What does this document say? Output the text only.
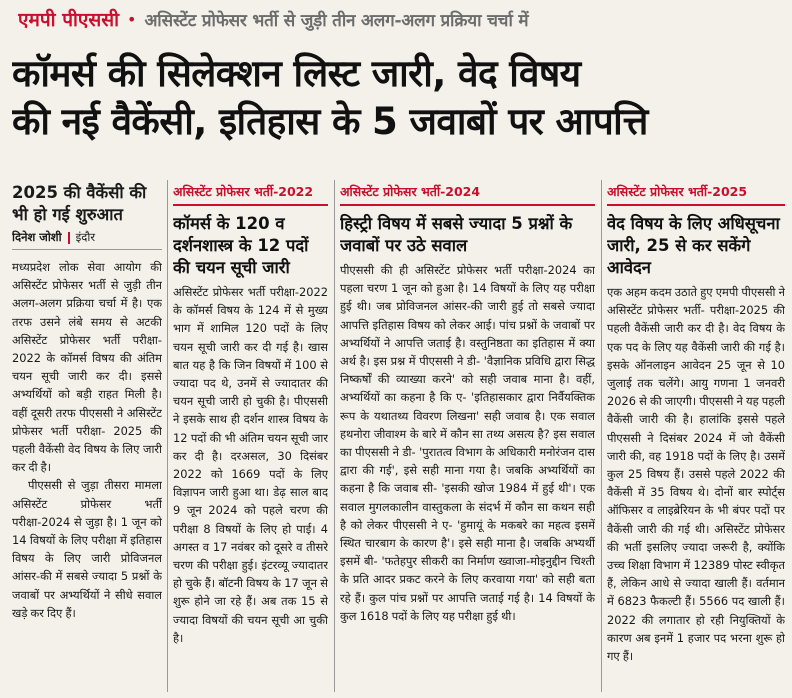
एमपी पीएससी • असिस्टेंट प्रोफेसर भर्ती से जुड़ी तीन अलग-अलग प्रक्रिया चर्चा में
कॉमर्स की सिलेक्शन लिस्ट जारी, वेद विषय
की नई वैकेंसी, इतिहास के 5 जवाबों पर आपत्ति
2025 की वैकेंसी की भी हो गई शुरुआत
दिनेश जोशी इंदौर

मध्यप्रदेश लोक सेवा आयोग की असिस्टेंट प्रोफेसर भर्ती से जुड़ी तीन अलग-अलग प्रक्रिया चर्चा में है। एक तरफ उसने लंबे समय से अटकी असिस्टेंट प्रोफेसर भर्ती परीक्षा- 2022 के कॉमर्स विषय की अंतिम चयन सूची जारी कर दी। इससे अभ्यर्थियों को बड़ी राहत मिली है। वहीं दूसरी तरफ पीएससी ने असिस्टेंट प्रोफेसर भर्ती परीक्षा- 2025 की पहली वैकेंसी वेद विषय के लिए जारी कर दी है।

पीएससी से जुड़ा तीसरा मामला असिस्टेंट प्रोफेसर भर्ती परीक्षा-2024 से जुड़ा है। 1 जून को 14 विषयों के लिए परीक्षा में इतिहास विषय के लिए जारी प्रोविजनल आंसर-की में सबसे ज्यादा 5 प्रश्नों के जवाबों पर अभ्यर्थियों ने सीधे सवाल खड़े कर दिए हैं।

असिस्टेंट प्रोफेसर भर्ती-2022
कॉमर्स के 120 व दर्शनशास्त्र के 12 पदों की चयन सूची जारी

असिस्टेंट प्रोफेसर भर्ती परीक्षा-2022 के कॉमर्स विषय के 124 में से मुख्य भाग में शामिल 120 पदों के लिए चयन सूची जारी कर दी गई है। खास बात यह है कि जिन विषयों में 100 से ज्यादा पद थे, उनमें से ज्यादातर की चयन सूची जारी हो चुकी है। पीएससी ने इसके साथ ही दर्शन शास्त्र विषय के 12 पदों की भी अंतिम चयन सूची जार कर दी है। दरअसल, 30 दिसंबर 2022 को 1669 पदों के लिए विज्ञापन जारी हुआ था। डेढ़ साल बाद 9 जून 2024 को पहले चरण की परीक्षा 8 विषयों के लिए हो पाई। 4 अगस्त व 17 नवंबर को दूसरे व तीसरे चरण की परीक्षा हुई। इंटरव्यू ज्यादातर हो चुके हैं। बॉटनी विषय के 17 जून से शुरू होने जा रहे हैं। अब तक 15 से ज्यादा विषयों की चयन सूची आ चुकी है।

असिस्टेंट प्रोफेसर भर्ती-2024
हिस्ट्री विषय में सबसे ज्यादा 5 प्रश्नों के जवाबों पर उठे सवाल

पीएससी की ही असिस्टेंट प्रोफेसर भर्ती परीक्षा-2024 का पहला चरण 1 जून को हुआ है। 14 विषयों के लिए यह परीक्षा हुई थी। जब प्रोविजनल आंसर-की जारी हुई तो सबसे ज्यादा आपत्ति इतिहास विषय को लेकर आई। पांच प्रश्नों के जवाबों पर अभ्यर्थियों ने आपत्ति जताई है। वस्तुनिष्ठता का इतिहास में क्या अर्थ है। इस प्रश्न में पीएससी ने डी- 'वैज्ञानिक प्रविधि द्वारा सिद्ध निष्कर्षों की व्याख्या करने' को सही जवाब माना है। वहीं, अभ्यर्थियों का कहना है कि ए- 'इतिहासकार द्वारा निर्वैयक्तिक रूप के यथातथ्य विवरण लिखना' सही जवाब है। एक सवाल हथनोरा जीवाश्म के बारे में कौन सा तथ्य असत्य है? इस सवाल का पीएससी ने डी- 'पुरातत्व विभाग के अधिकारी मनोरंजन दास द्वारा की गई', इसे सही माना गया है। जबकि अभ्यर्थियों का कहना है कि जवाब सी- 'इसकी खोज 1984 में हुई थी'। एक सवाल मुगलकालीन वास्तुकला के संदर्भ में कौन सा कथन सही है को लेकर पीएससी ने ए- 'हुमायूं के मकबरे का महत्व इसमें स्थित चारबाग के कारण है'। इसे सही माना है। जबकि अभ्यर्थी इसमें बी- 'फतेहपुर सीकरी का निर्माण ख्वाजा-मोइनुद्दीन चिश्ती के प्रति आदर प्रकट करने के लिए करवाया गया' को सही बता रहे हैं। कुल पांच प्रश्नों पर आपत्ति जताई गई है। 14 विषयों के कुल 1618 पदों के लिए यह परीक्षा हुई थी।

असिस्टेंट प्रोफेसर भर्ती-2025
वेद विषय के लिए अधिसूचना जारी, 25 से कर सकेंगे आवेदन

एक अहम कदम उठाते हुए एमपी पीएससी ने असिस्टेंट प्रोफेसर भर्ती- परीक्षा-2025 की पहली वैकेंसी जारी कर दी है। वेद विषय के एक पद के लिए यह वैकेंसी जारी की गई है। इसके ऑनलाइन आवेदन 25 जून से 10 जुलाई तक चलेंगे। आयु गणना 1 जनवरी 2026 से की जाएगी। पीएससी ने यह पहली वैकेंसी जारी की है। हालांकि इससे पहले पीएससी ने दिसंबर 2024 में जो वैकेंसी जारी की, वह 1918 पदों के लिए है। उसमें कुल 25 विषय हैं। उससे पहले 2022 की वैकेंसी में 35 विषय थे। दोनों बार स्पोर्ट्स ऑफिसर व लाइब्रेरियन के भी बंपर पदों पर वैकेंसी जारी की गई थी। असिस्टेंट प्रोफेसर की भर्ती इसलिए ज्यादा जरूरी है, क्योंकि उच्च शिक्षा विभाग में 12389 पोस्ट स्वीकृत हैं, लेकिन आधे से ज्यादा खाली हैं। वर्तमान में 6823 फैकल्टी हैं। 5566 पद खाली हैं। 2022 की लगातार हो रही नियुक्तियों के कारण अब इनमें 1 हजार पद भरना शुरू हो गए हैं।
